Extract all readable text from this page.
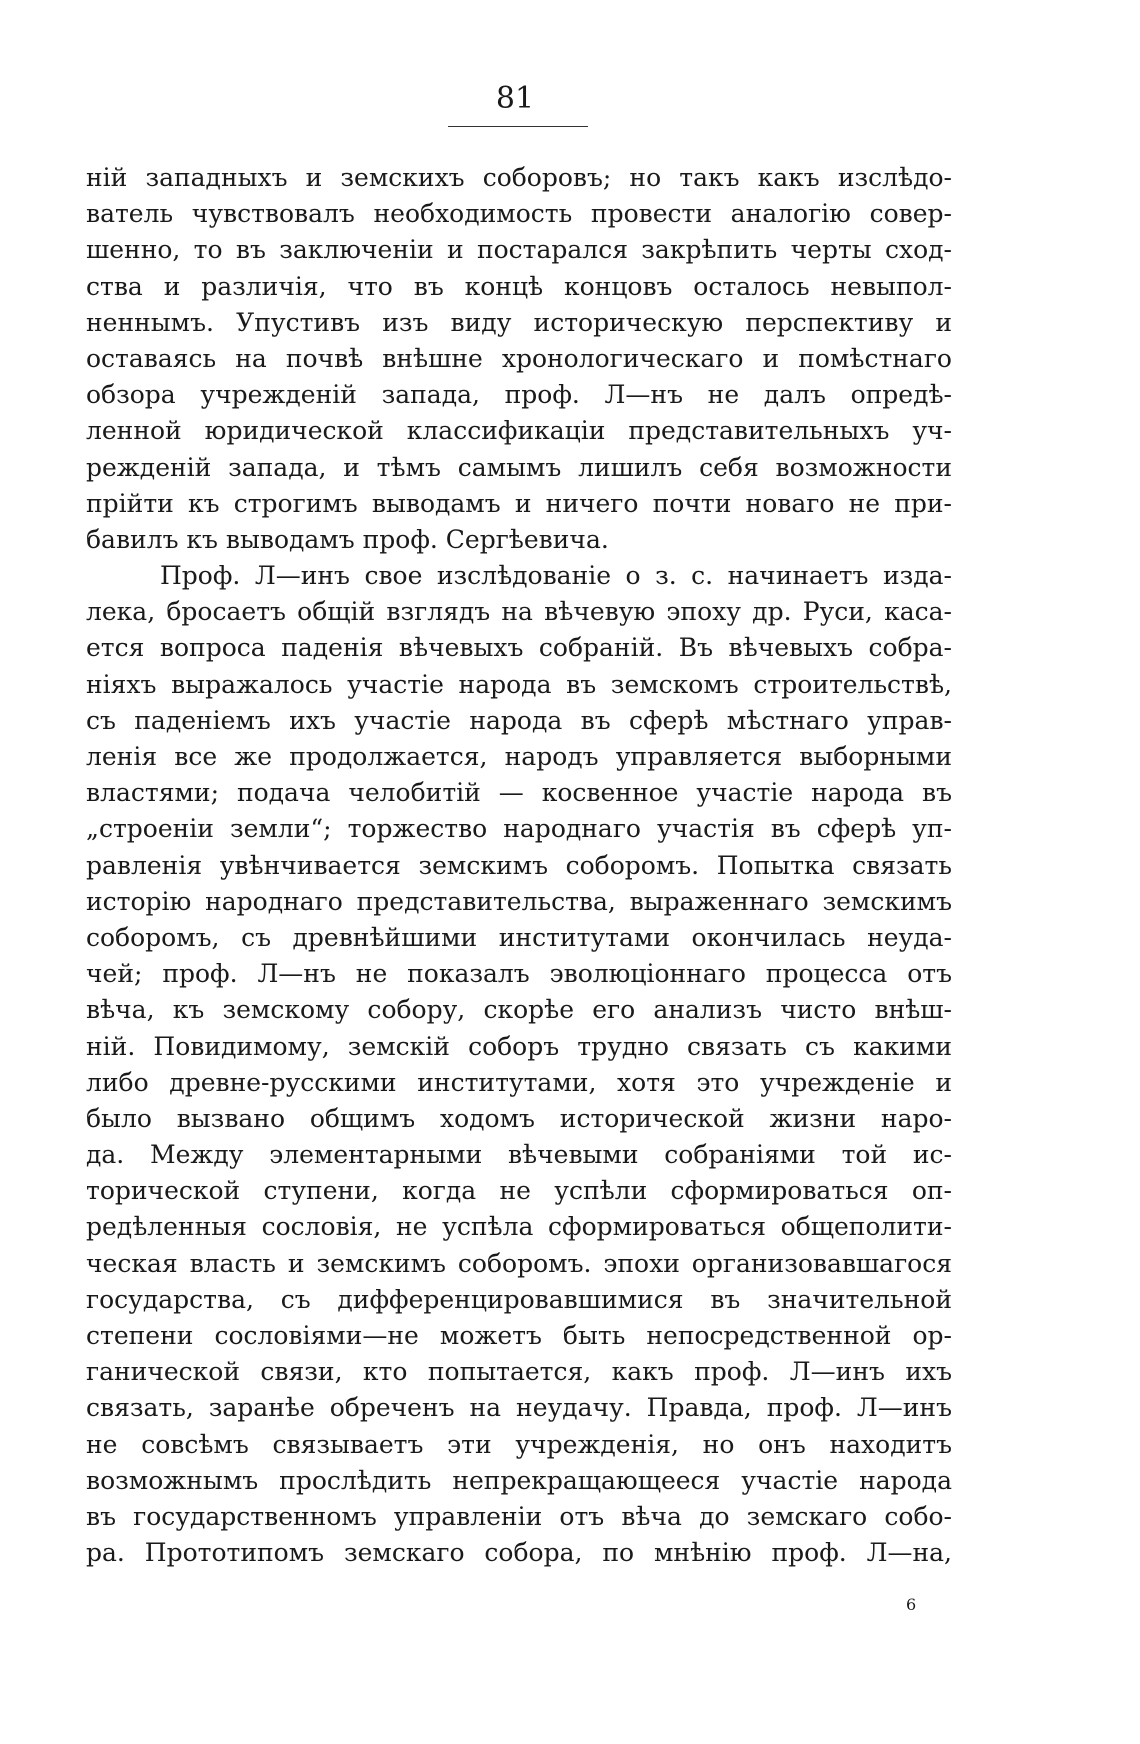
81
ній западныхъ и земскихъ соборовъ; но такъ какъ изслѣдо-
ватель чувствовалъ необходимость провести аналогію совер-
шенно, то въ заключеніи и постарался закрѣпить черты сход-
ства и различія, что въ концѣ концовъ осталось невыпол-
неннымъ. Упустивъ изъ виду историческую перспективу и
оставаясь на почвѣ внѣшне хронологическаго и помѣстнаго
обзора учрежденій запада, проф. Л—нъ не далъ опредѣ-
ленной юридической классификаціи представительныхъ уч-
режденій запада, и тѣмъ самымъ лишилъ себя возможности
прійти къ строгимъ выводамъ и ничего почти новаго не при-
бавилъ къ выводамъ проф. Сергѣевича.
Проф. Л—инъ свое изслѣдованіе о з. с. начинаетъ изда-
лека, бросаетъ общій взглядъ на вѣчевую эпоху др. Руси, каса-
ется вопроса паденія вѣчевыхъ собраній. Въ вѣчевыхъ собра-
ніяхъ выражалось участіе народа въ земскомъ строительствѣ,
съ паденіемъ ихъ участіе народа въ сферѣ мѣстнаго управ-
ленія все же продолжается, народъ управляется выборными
властями; подача челобитій — косвенное участіе народа въ
„строеніи земли“; торжество народнаго участія въ сферѣ уп-
равленія увѣнчивается земскимъ соборомъ. Попытка связать
исторію народнаго представительства, выраженнаго земскимъ
соборомъ, съ древнѣйшими институтами окончилась неуда-
чей; проф. Л—нъ не показалъ эволюціоннаго процесса отъ
вѣча, къ земскому собору, скорѣе его анализъ чисто внѣш-
ній. Повидимому, земскій соборъ трудно связать съ какими
либо древне-русскими институтами, хотя это учрежденіе и
было вызвано общимъ ходомъ исторической жизни наро-
да. Между элементарными вѣчевыми собраніями той ис-
торической ступени, когда не успѣли сформироваться оп-
редѣленныя сословія, не успѣла сформироваться общеполити-
ческая власть и земскимъ соборомъ. эпохи организовавшагося
государства, съ дифференцировавшимися въ значительной
степени сословіями—не можетъ быть непосредственной ор-
ганической связи, кто попытается, какъ проф. Л—инъ ихъ
связать, заранѣе обреченъ на неудачу. Правда, проф. Л—инъ
не совсѣмъ связываетъ эти учрежденія, но онъ находитъ
возможнымъ прослѣдить непрекращающееся участіе народа
въ государственномъ управленіи отъ вѣча до земскаго собо-
ра. Прототипомъ земскаго собора, по мнѣнію проф. Л—на,
6
